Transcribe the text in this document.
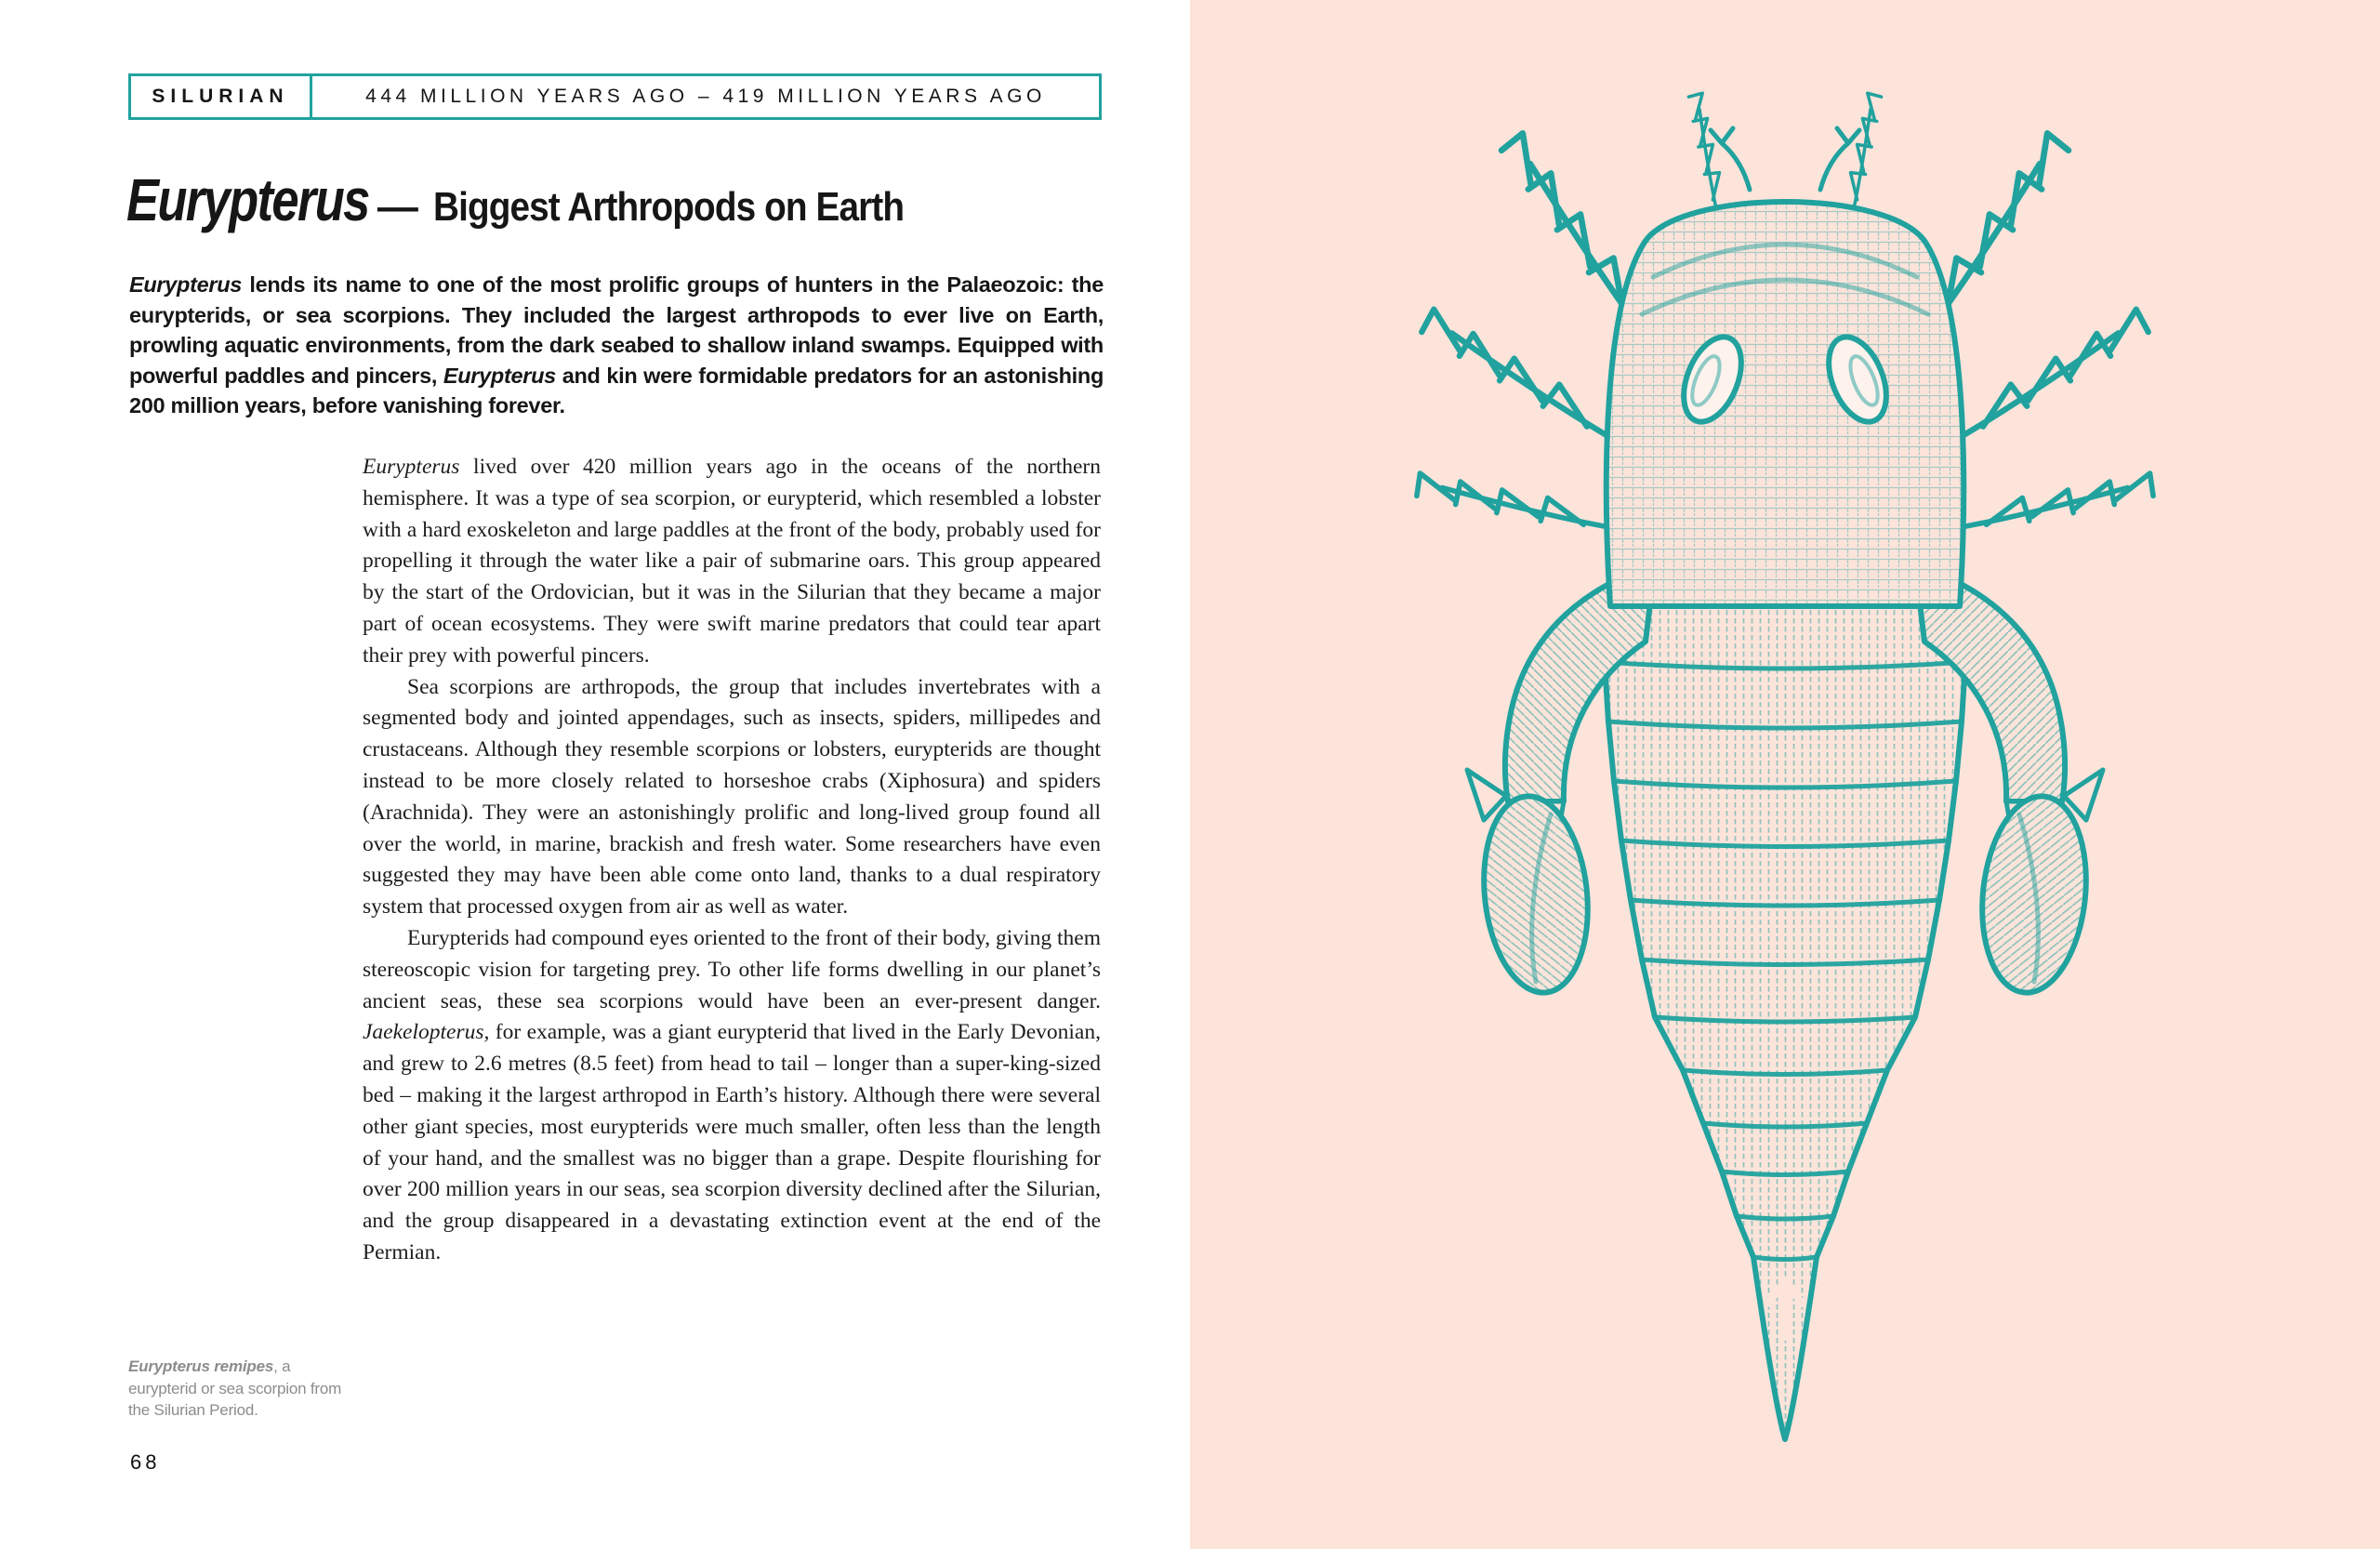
SILURIAN	444 MILLION YEARS AGO – 419 MILLION YEARS AGO
Eurypterus — Biggest Arthropods on Earth

Eurypterus lends its name to one of the most prolific groups of hunters in the Palaeozoic: the eurypterids, or sea scorpions. They included the largest arthropods to ever live on Earth, prowling aquatic environments, from the dark seabed to shallow inland swamps. Equipped with powerful paddles and pincers, Eurypterus and kin were formidable predators for an astonishing 200 million years, before vanishing forever.

Eurypterus lived over 420 million years ago in the oceans of the northern hemisphere. It was a type of sea scorpion, or eurypterid, which resembled a lobster with a hard exoskeleton and large paddles at the front of the body, probably used for propelling it through the water like a pair of submarine oars. This group appeared by the start of the Ordovician, but it was in the Silurian that they became a major part of ocean ecosystems. They were swift marine predators that could tear apart their prey with powerful pincers.

Sea scorpions are arthropods, the group that includes invertebrates with a segmented body and jointed appendages, such as insects, spiders, millipedes and crustaceans. Although they resemble scorpions or lobsters, eurypterids are thought instead to be more closely related to horseshoe crabs (Xiphosura) and spiders (Arachnida). They were an astonishingly prolific and long-lived group found all over the world, in marine, brackish and fresh water. Some researchers have even suggested they may have been able come onto land, thanks to a dual respiratory system that processed oxygen from air as well as water.

Eurypterids had compound eyes oriented to the front of their body, giving them stereoscopic vision for targeting prey. To other life forms dwelling in our planet’s ancient seas, these sea scorpions would have been an ever-present danger. Jaekelopterus, for example, was a giant eurypterid that lived in the Early Devonian, and grew to 2.6 metres (8.5 feet) from head to tail – longer than a super-king-sized bed – making it the largest arthropod in Earth’s history. Although there were several other giant species, most eurypterids were much smaller, often less than the length of your hand, and the smallest was no bigger than a grape. Despite flourishing for over 200 million years in our seas, sea scorpion diversity declined after the Silurian, and the group disappeared in a devastating extinction event at the end of the Permian.

Eurypterus remipes, a eurypterid or sea scorpion from the Silurian Period.

68
